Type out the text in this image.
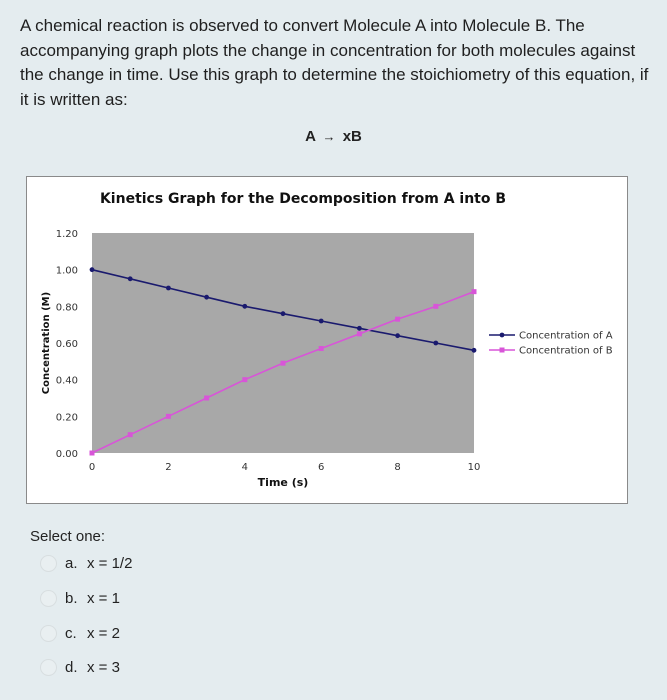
A chemical reaction is observed to convert Molecule A into Molecule B. The accompanying graph plots the change in concentration for both molecules against the change in time. Use this graph to determine the stoichiometry of this equation, if it is written as:
A → xB
Kinetics Graph for the Decomposition from A into B
0.00
0.20
0.40
0.60
0.80
1.00
1.20
0	2	4	6	8	10
Time (s)
Concentration (M)	Concentration of A
Concentration of B
Select one:
a. x = 1/2
b. x = 1
c. x = 2
d. x = 3
